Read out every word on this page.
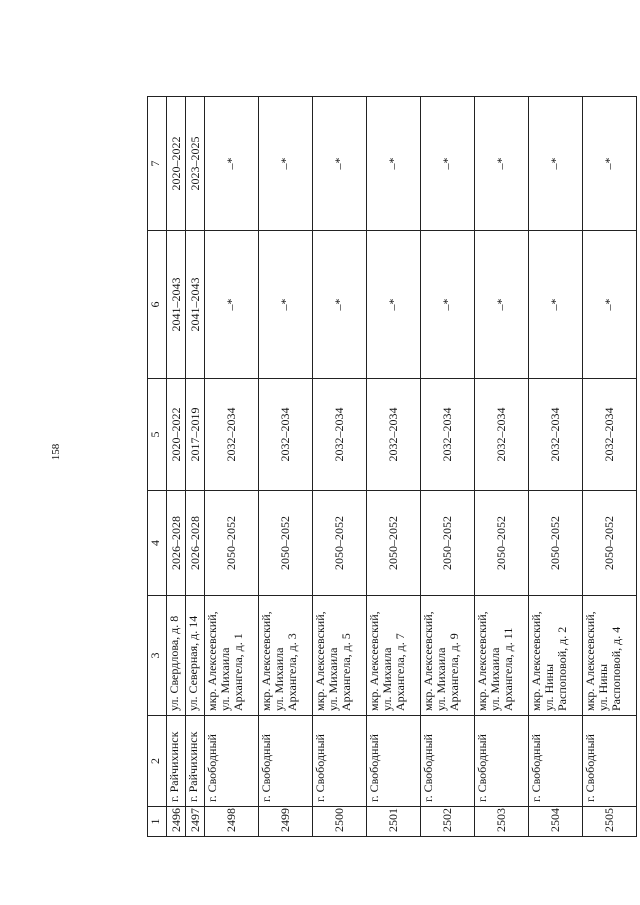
158
1	2	3	4	5	6	7
2496	г. Райчихинск	ул. Свердлова, д. 8	2026–2028	2020–2022	2041–2043	2020–2022
2497	г. Райчихинск	ул. Северная, д. 14	2026–2028	2017–2019	2041–2043	2023–2025
2498	г. Свободный	мкр. Алексеевский, ул. Михаила Архангела, д. 1	2050–2052	2032–2034	–*	–*
2499	г. Свободный	мкр. Алексеевский, ул. Михаила Архангела, д. 3	2050–2052	2032–2034	–*	–*
2500	г. Свободный	мкр. Алексеевский, ул. Михаила Архангела, д. 5	2050–2052	2032–2034	–*	–*
2501	г. Свободный	мкр. Алексеевский, ул. Михаила Архангела, д. 7	2050–2052	2032–2034	–*	–*
2502	г. Свободный	мкр. Алексеевский, ул. Михаила Архангела, д. 9	2050–2052	2032–2034	–*	–*
2503	г. Свободный	мкр. Алексеевский, ул. Михаила Архангела, д. 11	2050–2052	2032–2034	–*	–*
2504	г. Свободный	мкр. Алексеевский, ул. Нины Распоповой, д. 2	2050–2052	2032–2034	–*	–*
2505	г. Свободный	мкр. Алексеевский, ул. Нины Распоповой, д. 4	2050–2052	2032–2034	–*	–*
